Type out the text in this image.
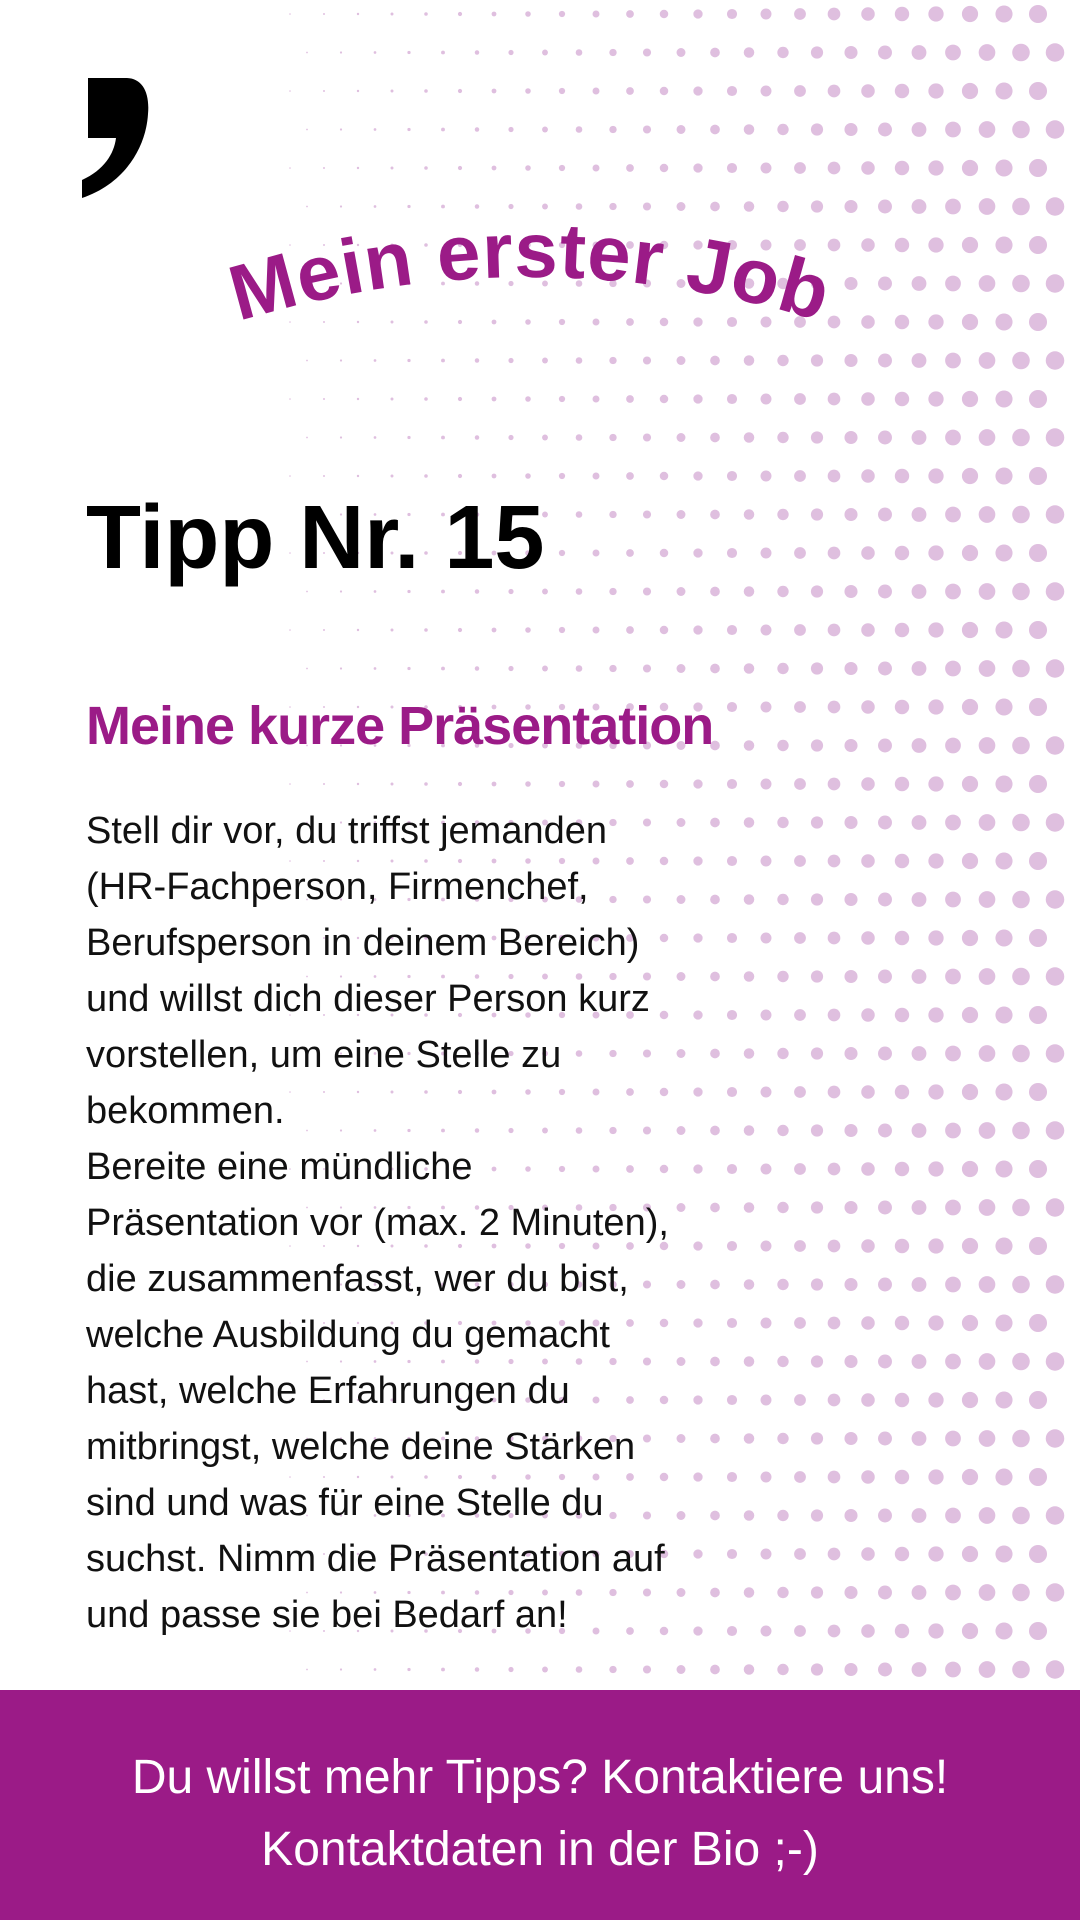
Mein erster Job
Tipp Nr. 15
Meine kurze Präsentation

Stell dir vor, du triffst jemanden
(HR-Fachperson, Firmenchef,
Berufsperson in deinem Bereich)
und willst dich dieser Person kurz
vorstellen, um eine Stelle zu
bekommen.
Bereite eine mündliche
Präsentation vor (max. 2 Minuten),
die zusammenfasst, wer du bist,
welche Ausbildung du gemacht
hast, welche Erfahrungen du
mitbringst, welche deine Stärken
sind und was für eine Stelle du
suchst. Nimm die Präsentation auf
und passe sie bei Bedarf an!

Du willst mehr Tipps? Kontaktiere uns!
Kontaktdaten in der Bio ;-)
